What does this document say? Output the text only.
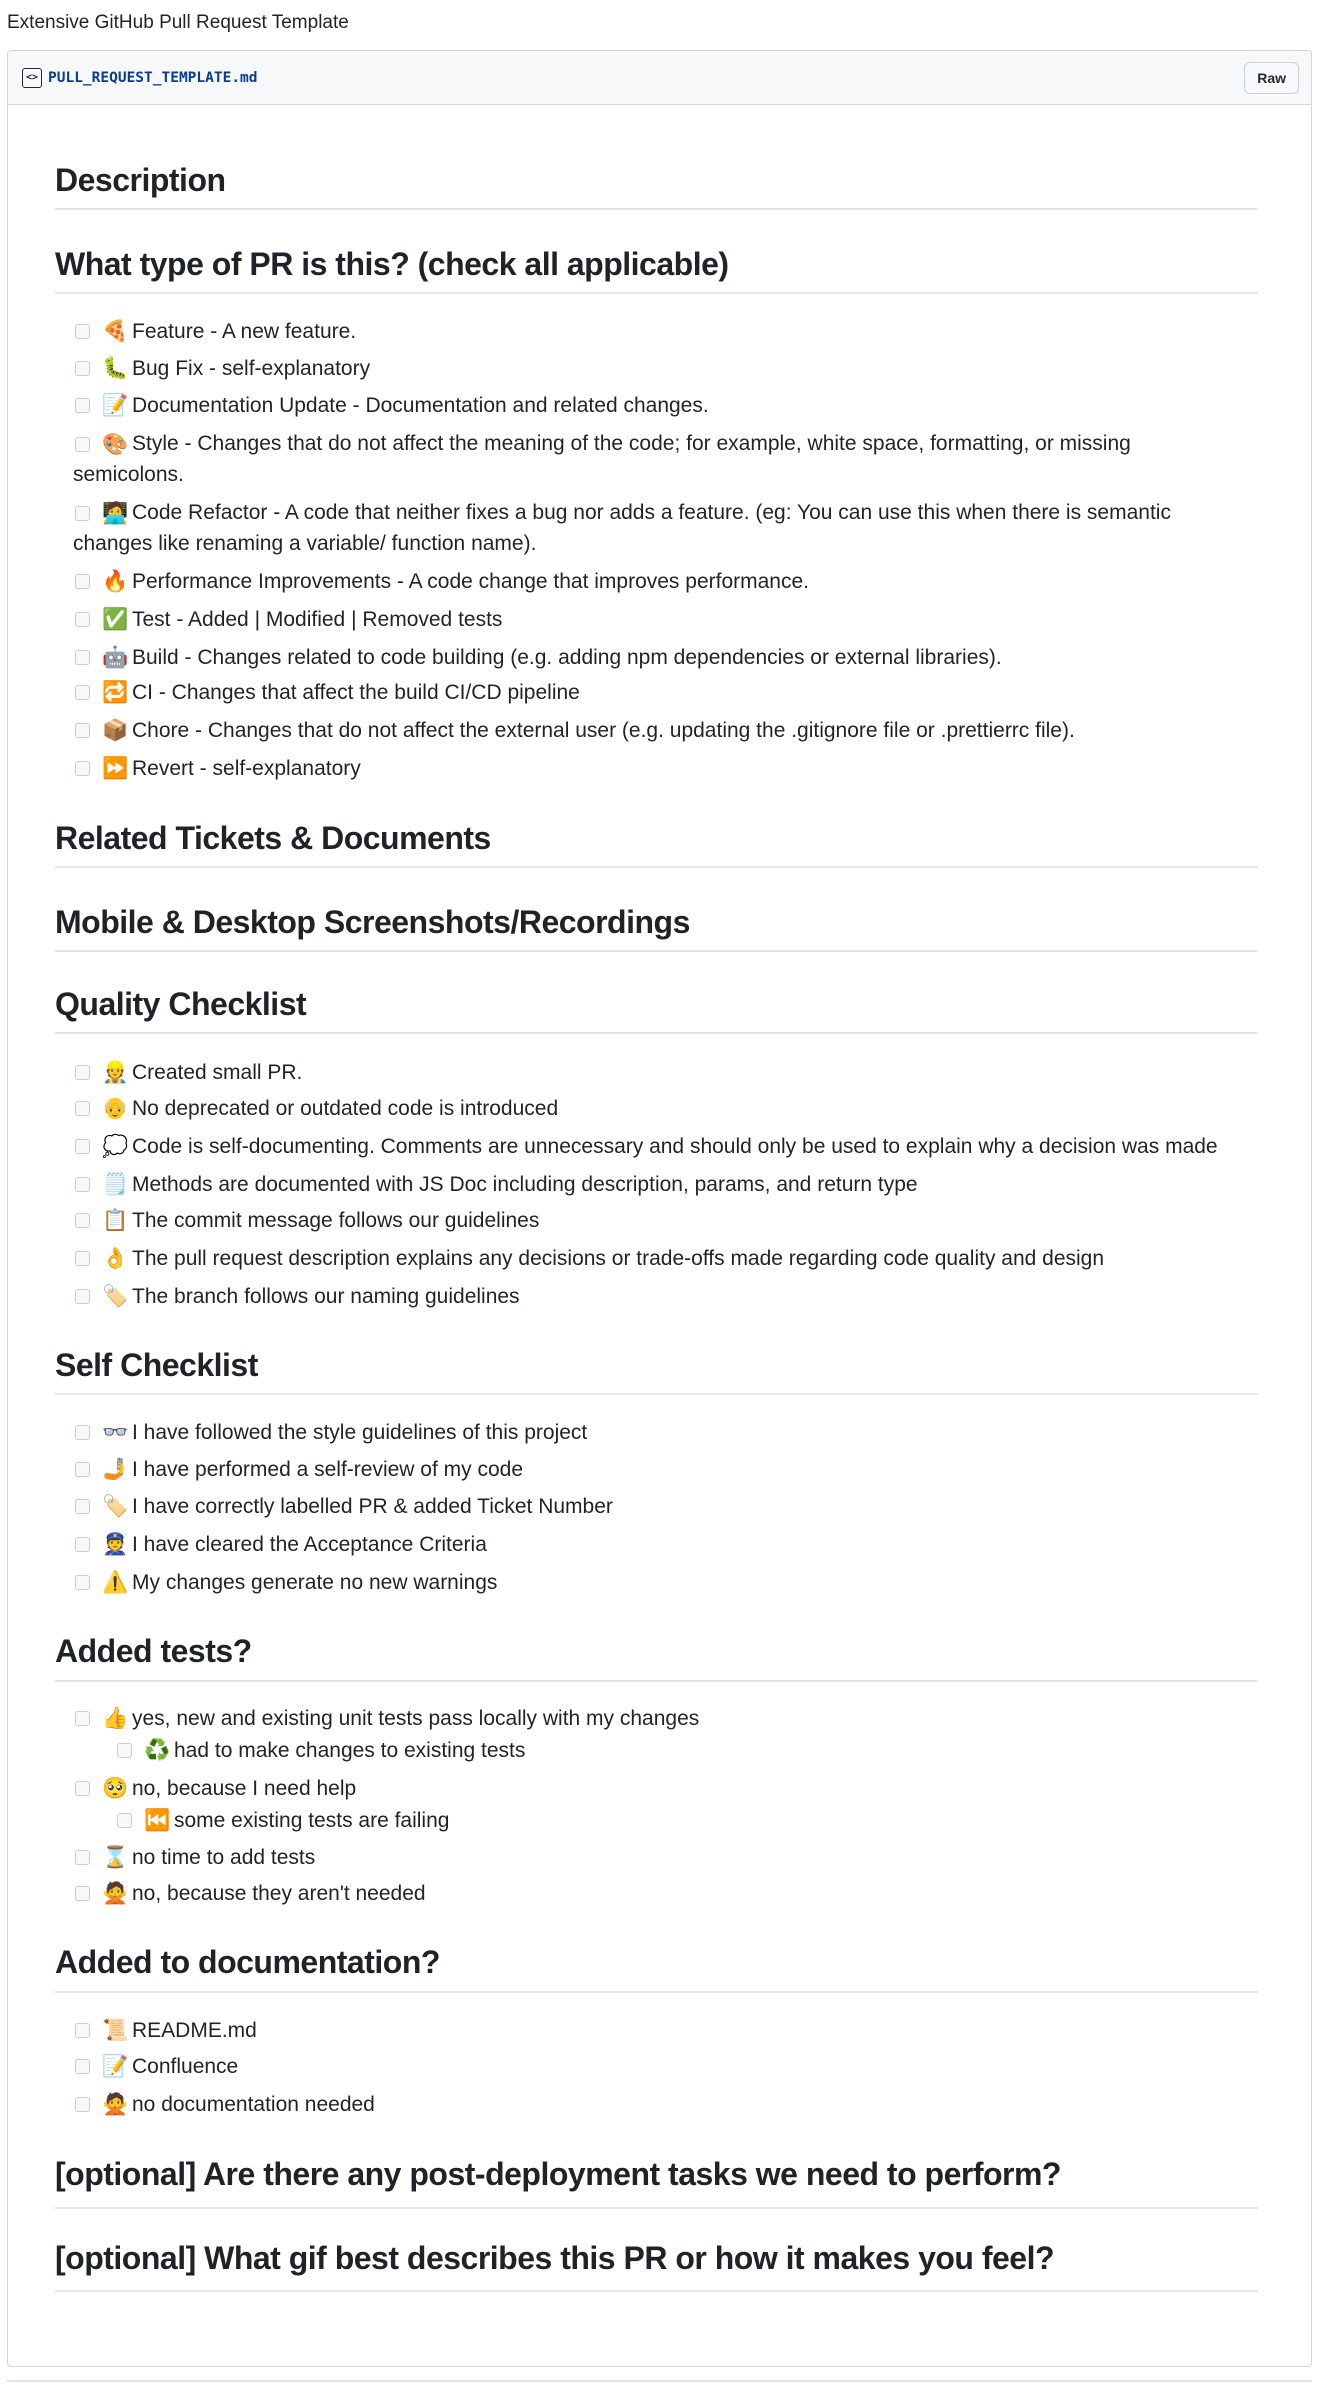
Extensive GitHub Pull Request Template
<> PULL_REQUEST_TEMPLATE.md	Raw
Description
What type of PR is this? (check all applicable)
🍕 Feature - A new feature.
🐛 Bug Fix - self-explanatory
📝 Documentation Update - Documentation and related changes.
🎨 Style - Changes that do not affect the meaning of the code; for example, white space, formatting, or missing
semicolons.
🧑‍💻 Code Refactor - A code that neither fixes a bug nor adds a feature. (eg: You can use this when there is semantic
changes like renaming a variable/ function name).
🔥 Performance Improvements - A code change that improves performance.
✅ Test - Added | Modified | Removed tests
🤖 Build - Changes related to code building (e.g. adding npm dependencies or external libraries).
🔁 CI - Changes that affect the build CI/CD pipeline
📦 Chore - Changes that do not affect the external user (e.g. updating the .gitignore file or .prettierrc file).
⏩ Revert - self-explanatory
Related Tickets & Documents
Mobile & Desktop Screenshots/Recordings
Quality Checklist
👷 Created small PR.
👴 No deprecated or outdated code is introduced
💭 Code is self-documenting. Comments are unnecessary and should only be used to explain why a decision was made
🗒️ Methods are documented with JS Doc including description, params, and return type
📋 The commit message follows our guidelines
👌 The pull request description explains any decisions or trade-offs made regarding code quality and design
🏷️ The branch follows our naming guidelines
Self Checklist
👓 I have followed the style guidelines of this project
🤳 I have performed a self-review of my code
🏷️ I have correctly labelled PR & added Ticket Number
👮 I have cleared the Acceptance Criteria
⚠️ My changes generate no new warnings
Added tests?
👍 yes, new and existing unit tests pass locally with my changes
♻️ had to make changes to existing tests
🥺 no, because I need help
⏮️ some existing tests are failing
⌛ no time to add tests
🙅 no, because they aren't needed
Added to documentation?
📜 README.md
📝 Confluence
🙅 no documentation needed
[optional] Are there any post-deployment tasks we need to perform?
[optional] What gif best describes this PR or how it makes you feel?
